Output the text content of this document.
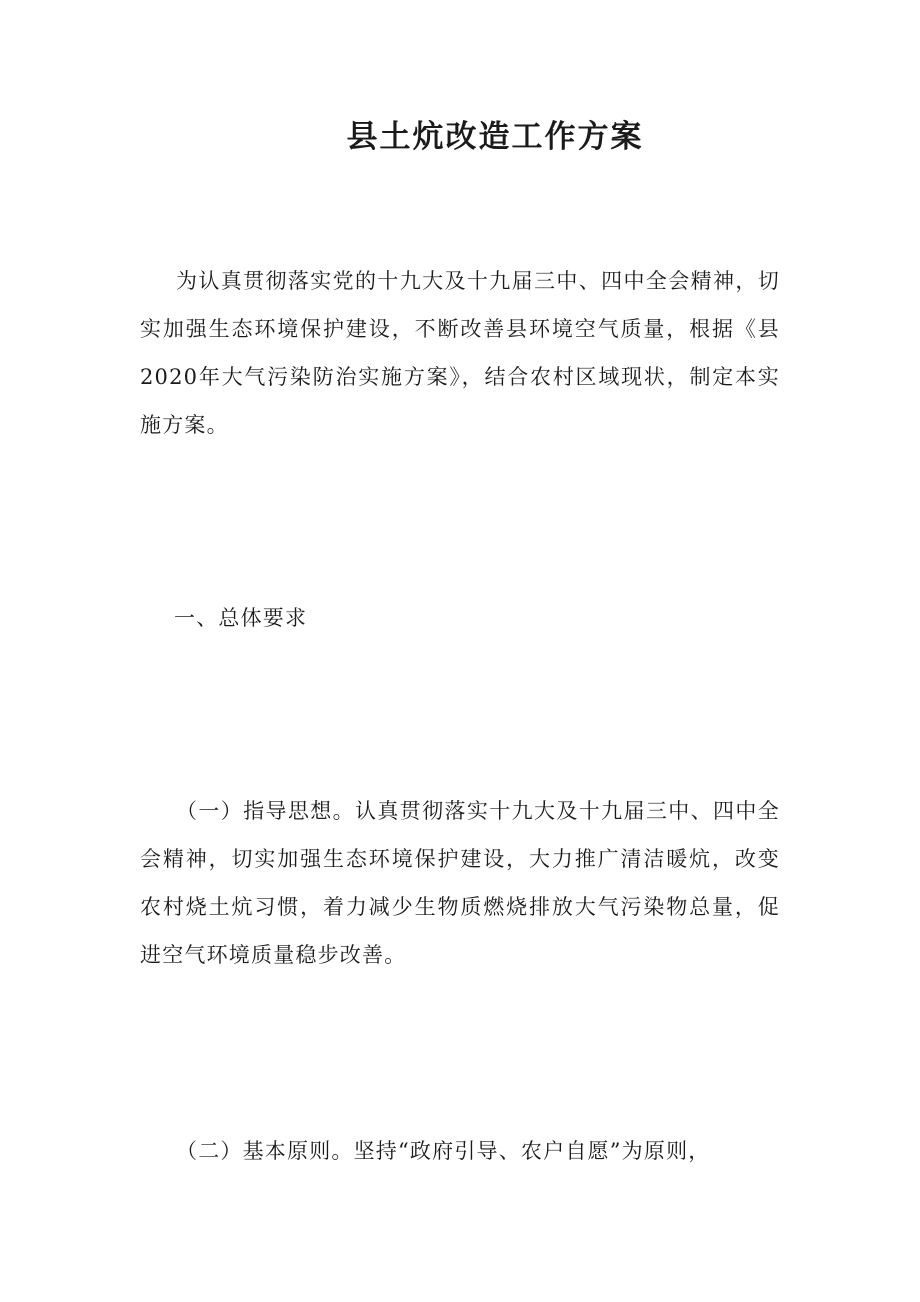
县土炕改造工作方案
为认真贯彻落实党的十九大及十九届三中、四中全会精神，切实加强生态环境保护建设，不断改善县环境空气质量，根据《县2020年大气污染防治实施方案》，结合农村区域现状，制定本实施方案。
一、总体要求
（一）指导思想。认真贯彻落实十九大及十九届三中、四中全会精神，切实加强生态环境保护建设，大力推广清洁暖炕，改变农村烧土炕习惯，着力减少生物质燃烧排放大气污染物总量，促进空气环境质量稳步改善。
（二）基本原则。坚持“政府引导、农户自愿”为原则，
